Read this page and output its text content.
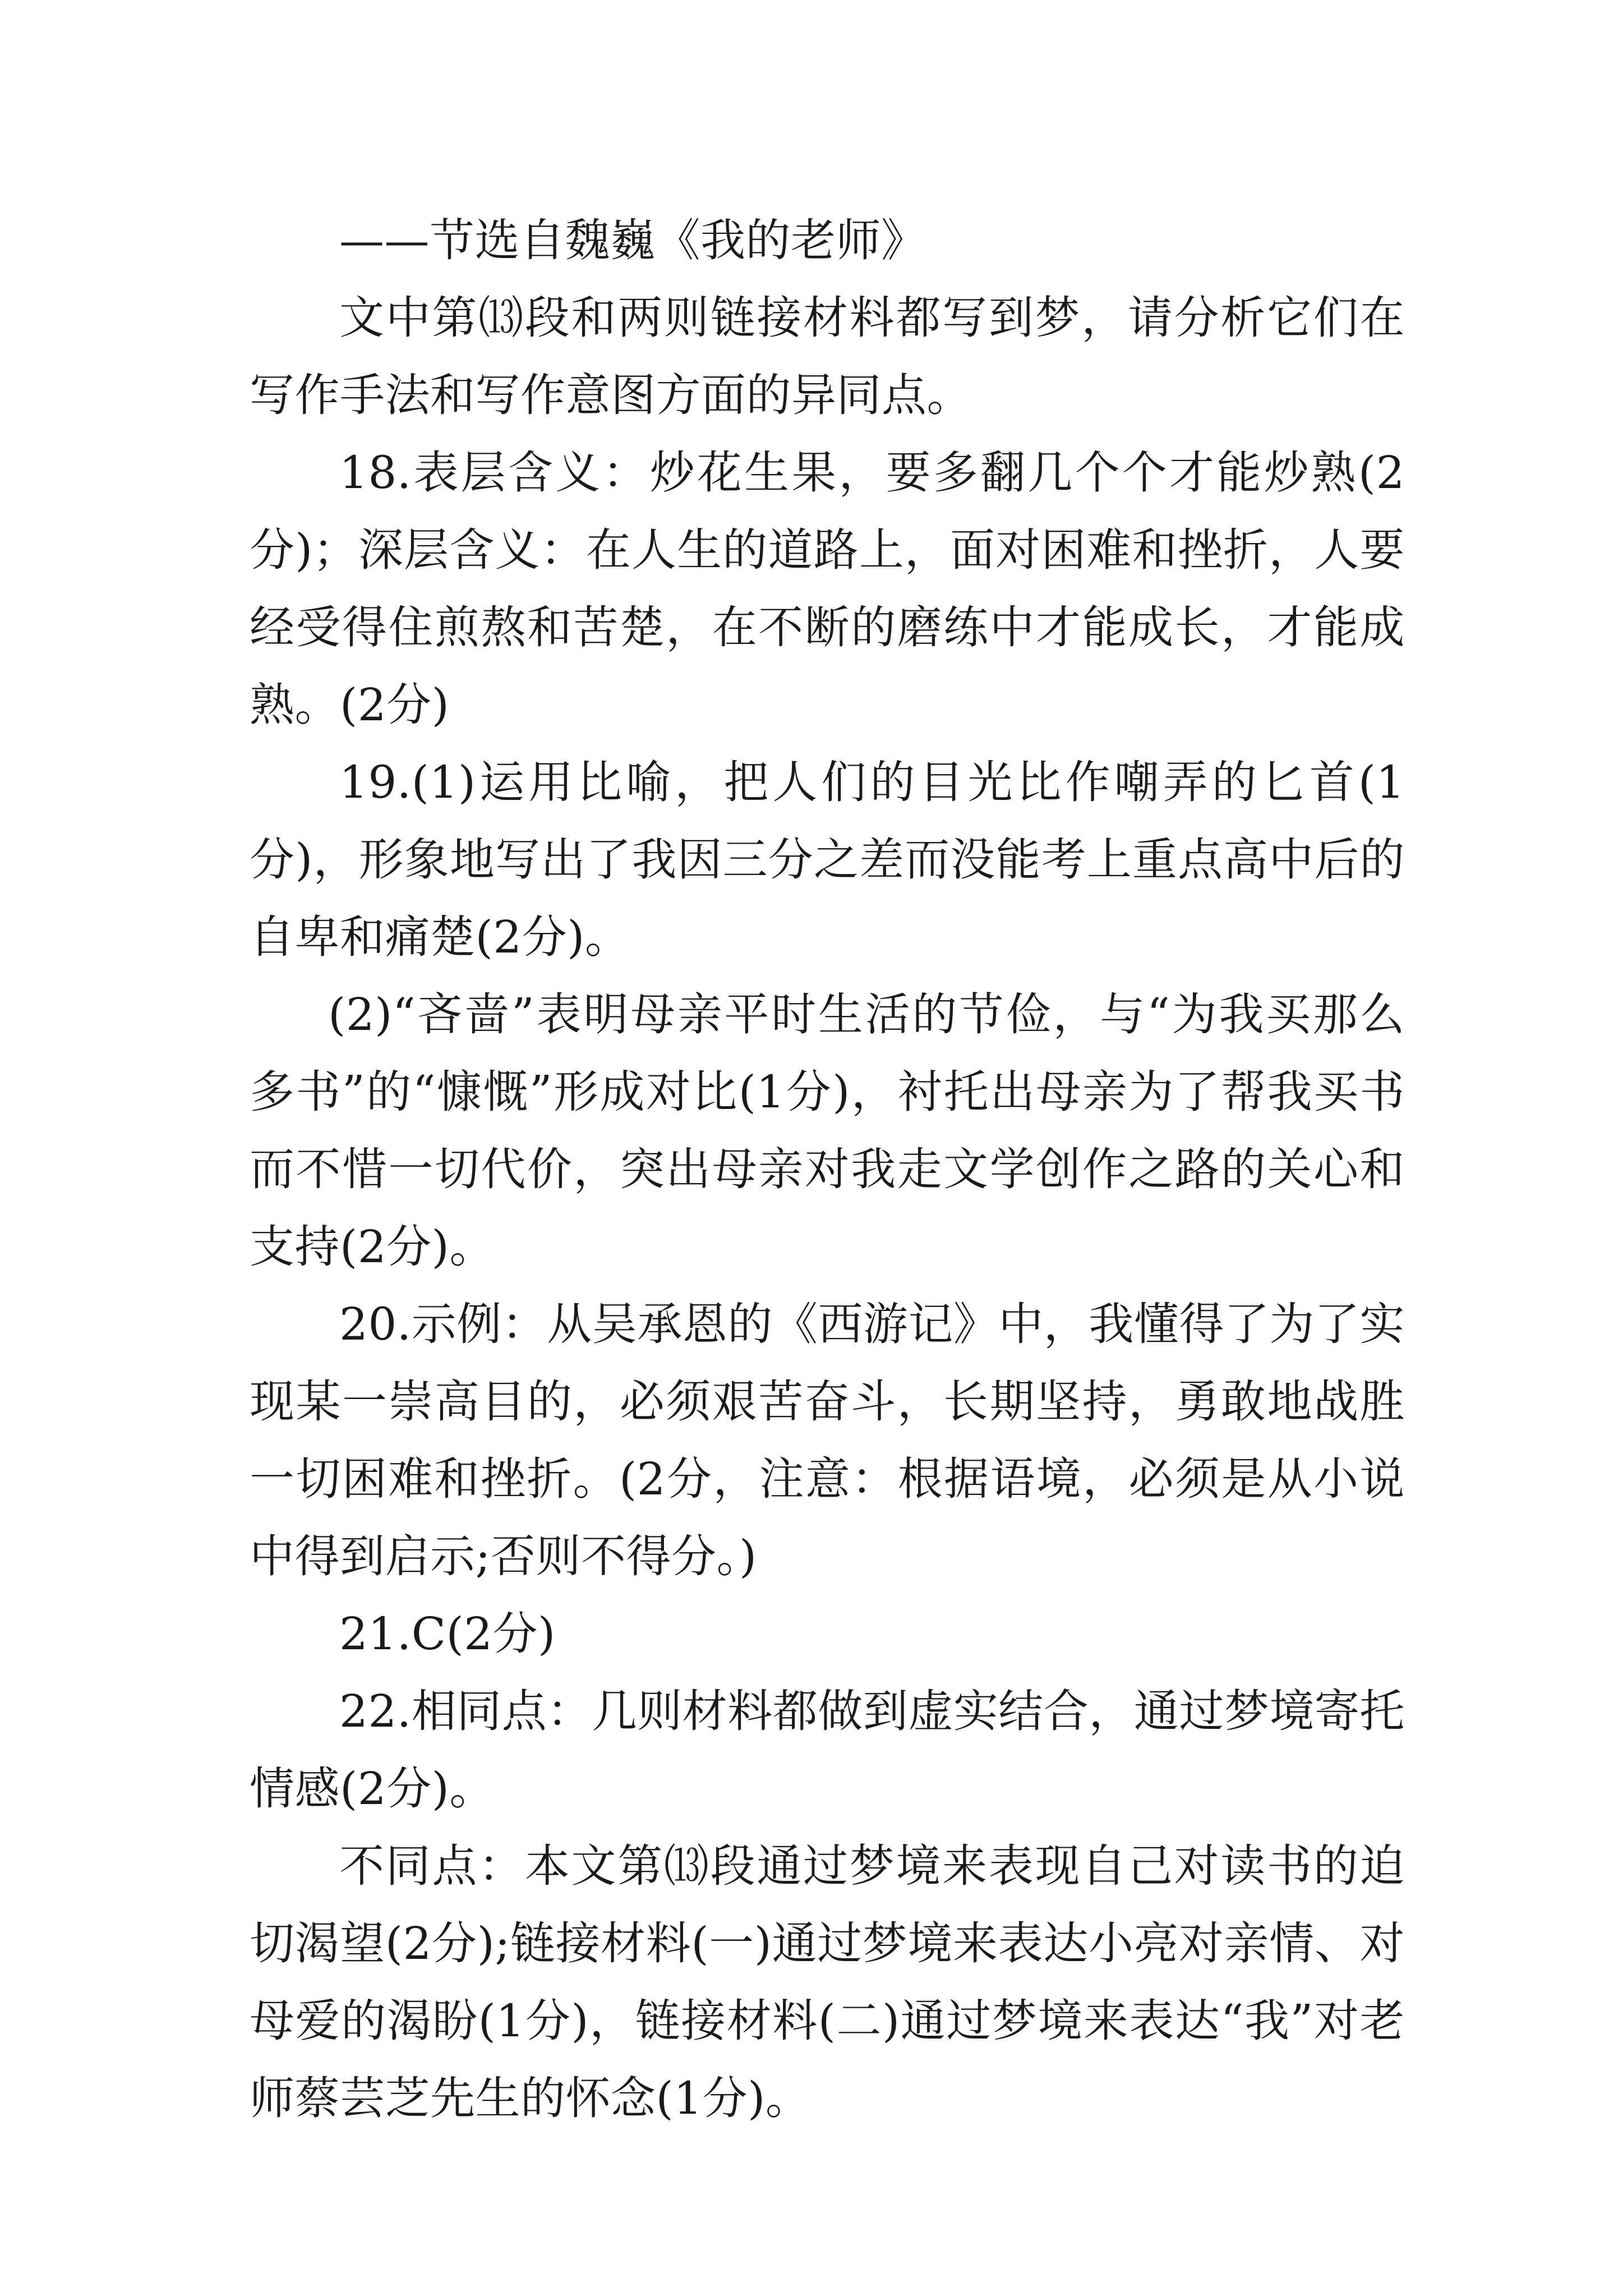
——节选自魏巍《我的老师》

文中第⒀段和两则链接材料都写到梦，请分析它们在写作手法和写作意图方面的异同点。

18.表层含义：炒花生果，要多翻几个个才能炒熟(2分)；深层含义：在人生的道路上，面对困难和挫折，人要经受得住煎熬和苦楚，在不断的磨练中才能成长，才能成熟。(2分)

19.(1)运用比喻，把人们的目光比作嘲弄的匕首(1分)，形象地写出了我因三分之差而没能考上重点高中后的自卑和痛楚(2分)。

(2)“吝啬”表明母亲平时生活的节俭，与“为我买那么多书”的“慷慨”形成对比(1分)，衬托出母亲为了帮我买书而不惜一切代价，突出母亲对我走文学创作之路的关心和支持(2分)。

20.示例：从吴承恩的《西游记》中，我懂得了为了实现某一崇高目的，必须艰苦奋斗，长期坚持，勇敢地战胜一切困难和挫折。(2分，注意：根据语境，必须是从小说中得到启示;否则不得分。)

21.C(2分)

22.相同点：几则材料都做到虚实结合，通过梦境寄托情感(2分)。

不同点：本文第⒀段通过梦境来表现自己对读书的迫切渴望(2分);链接材料(一)通过梦境来表达小亮对亲情、对母爱的渴盼(1分)，链接材料(二)通过梦境来表达“我”对老师蔡芸芝先生的怀念(1分)。
